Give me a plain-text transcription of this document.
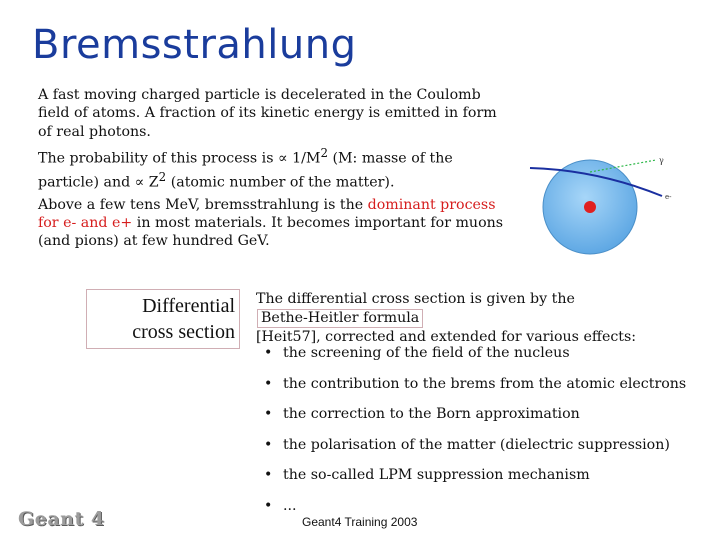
Bremsstrahlung

A fast moving charged particle is decelerated in the Coulomb field of atoms. A fraction of its kinetic energy is emitted in form of real photons.

The probability of this process is ∝ $1/M^2$ (M: masse of the particle) and ∝ $Z^2$ (atomic number of the matter).

Above a few tens MeV, bremsstrahlung is the dominant process for e- and e+ in most materials. It becomes important for muons (and pions) at few hundred GeV.

γ
e-
Differential
cross section

The differential cross section is given by theBethe-Heitler formula

[Heit57], corrected and extended for various effects:

• the screening of the field of the nucleus
• the contribution to the brems from the atomic electrons
• the correction to the Born approximation
• the polarisation of the matter (dielectric suppression)
• the so-called LPM suppression mechanism
• ...
Geant 4	Geant4 Training 2003
